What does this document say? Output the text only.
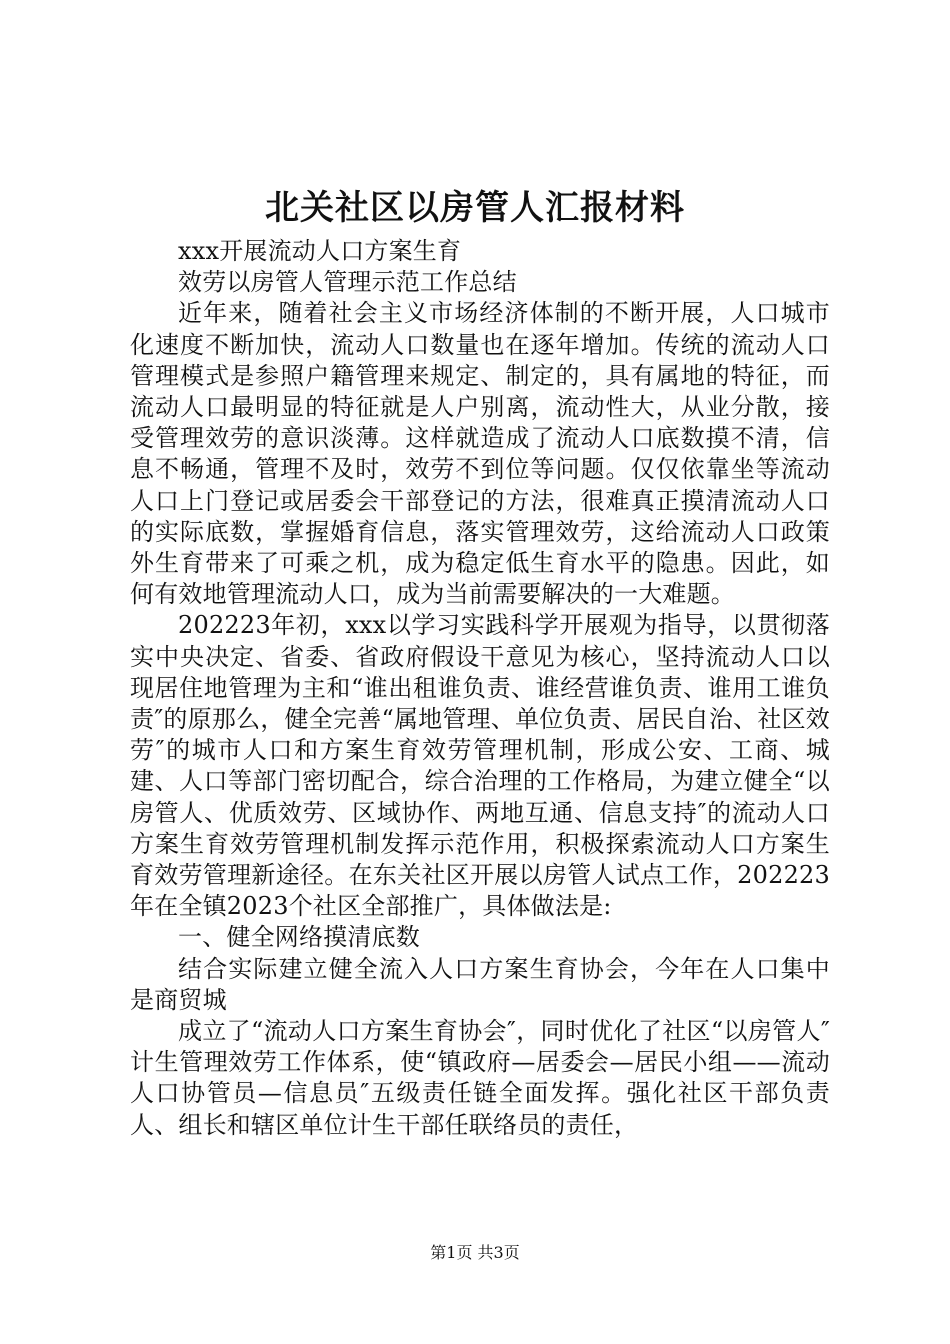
北关社区以房管人汇报材料

xxx开展流动人口方案生育

效劳以房管人管理示范工作总结

近年来，随着社会主义市场经济体制的不断开展，人口城市化速度不断加快，流动人口数量也在逐年增加。传统的流动人口管理模式是参照户籍管理来规定、制定的，具有属地的特征，而流动人口最明显的特征就是人户别离，流动性大，从业分散，接受管理效劳的意识淡薄。这样就造成了流动人口底数摸不清，信息不畅通，管理不及时，效劳不到位等问题。仅仅依靠坐等流动人口上门登记或居委会干部登记的方法，很难真正摸清流动人口的实际底数，掌握婚育信息，落实管理效劳，这给流动人口政策外生育带来了可乘之机，成为稳定低生育水平的隐患。因此，如何有效地管理流动人口，成为当前需要解决的一大难题。

202223年初，xxx以学习实践科学开展观为指导，以贯彻落实中央决定、省委、省政府假设干意见为核心，坚持流动人口以现居住地管理为主和“谁出租谁负责、谁经营谁负责、谁用工谁负责″的原那么，健全完善“属地管理、单位负责、居民自治、社区效劳″的城市人口和方案生育效劳管理机制，形成公安、工商、城建、人口等部门密切配合，综合治理的工作格局，为建立健全“以房管人、优质效劳、区域协作、两地互通、信息支持″的流动人口方案生育效劳管理机制发挥示范作用，积极探索流动人口方案生育效劳管理新途径。在东关社区开展以房管人试点工作，202223年在全镇2023个社区全部推广，具体做法是:

一、健全网络摸清底数

结合实际建立健全流入人口方案生育协会，今年在人口集中是商贸城

成立了“流动人口方案生育协会″，同时优化了社区“以房管人″计生管理效劳工作体系，使“镇政府—居委会—居民小组——流动人口协管员—信息员″五级责任链全面发挥。强化社区干部负责人、组长和辖区单位计生干部任联络员的责任，

第1页 共3页
